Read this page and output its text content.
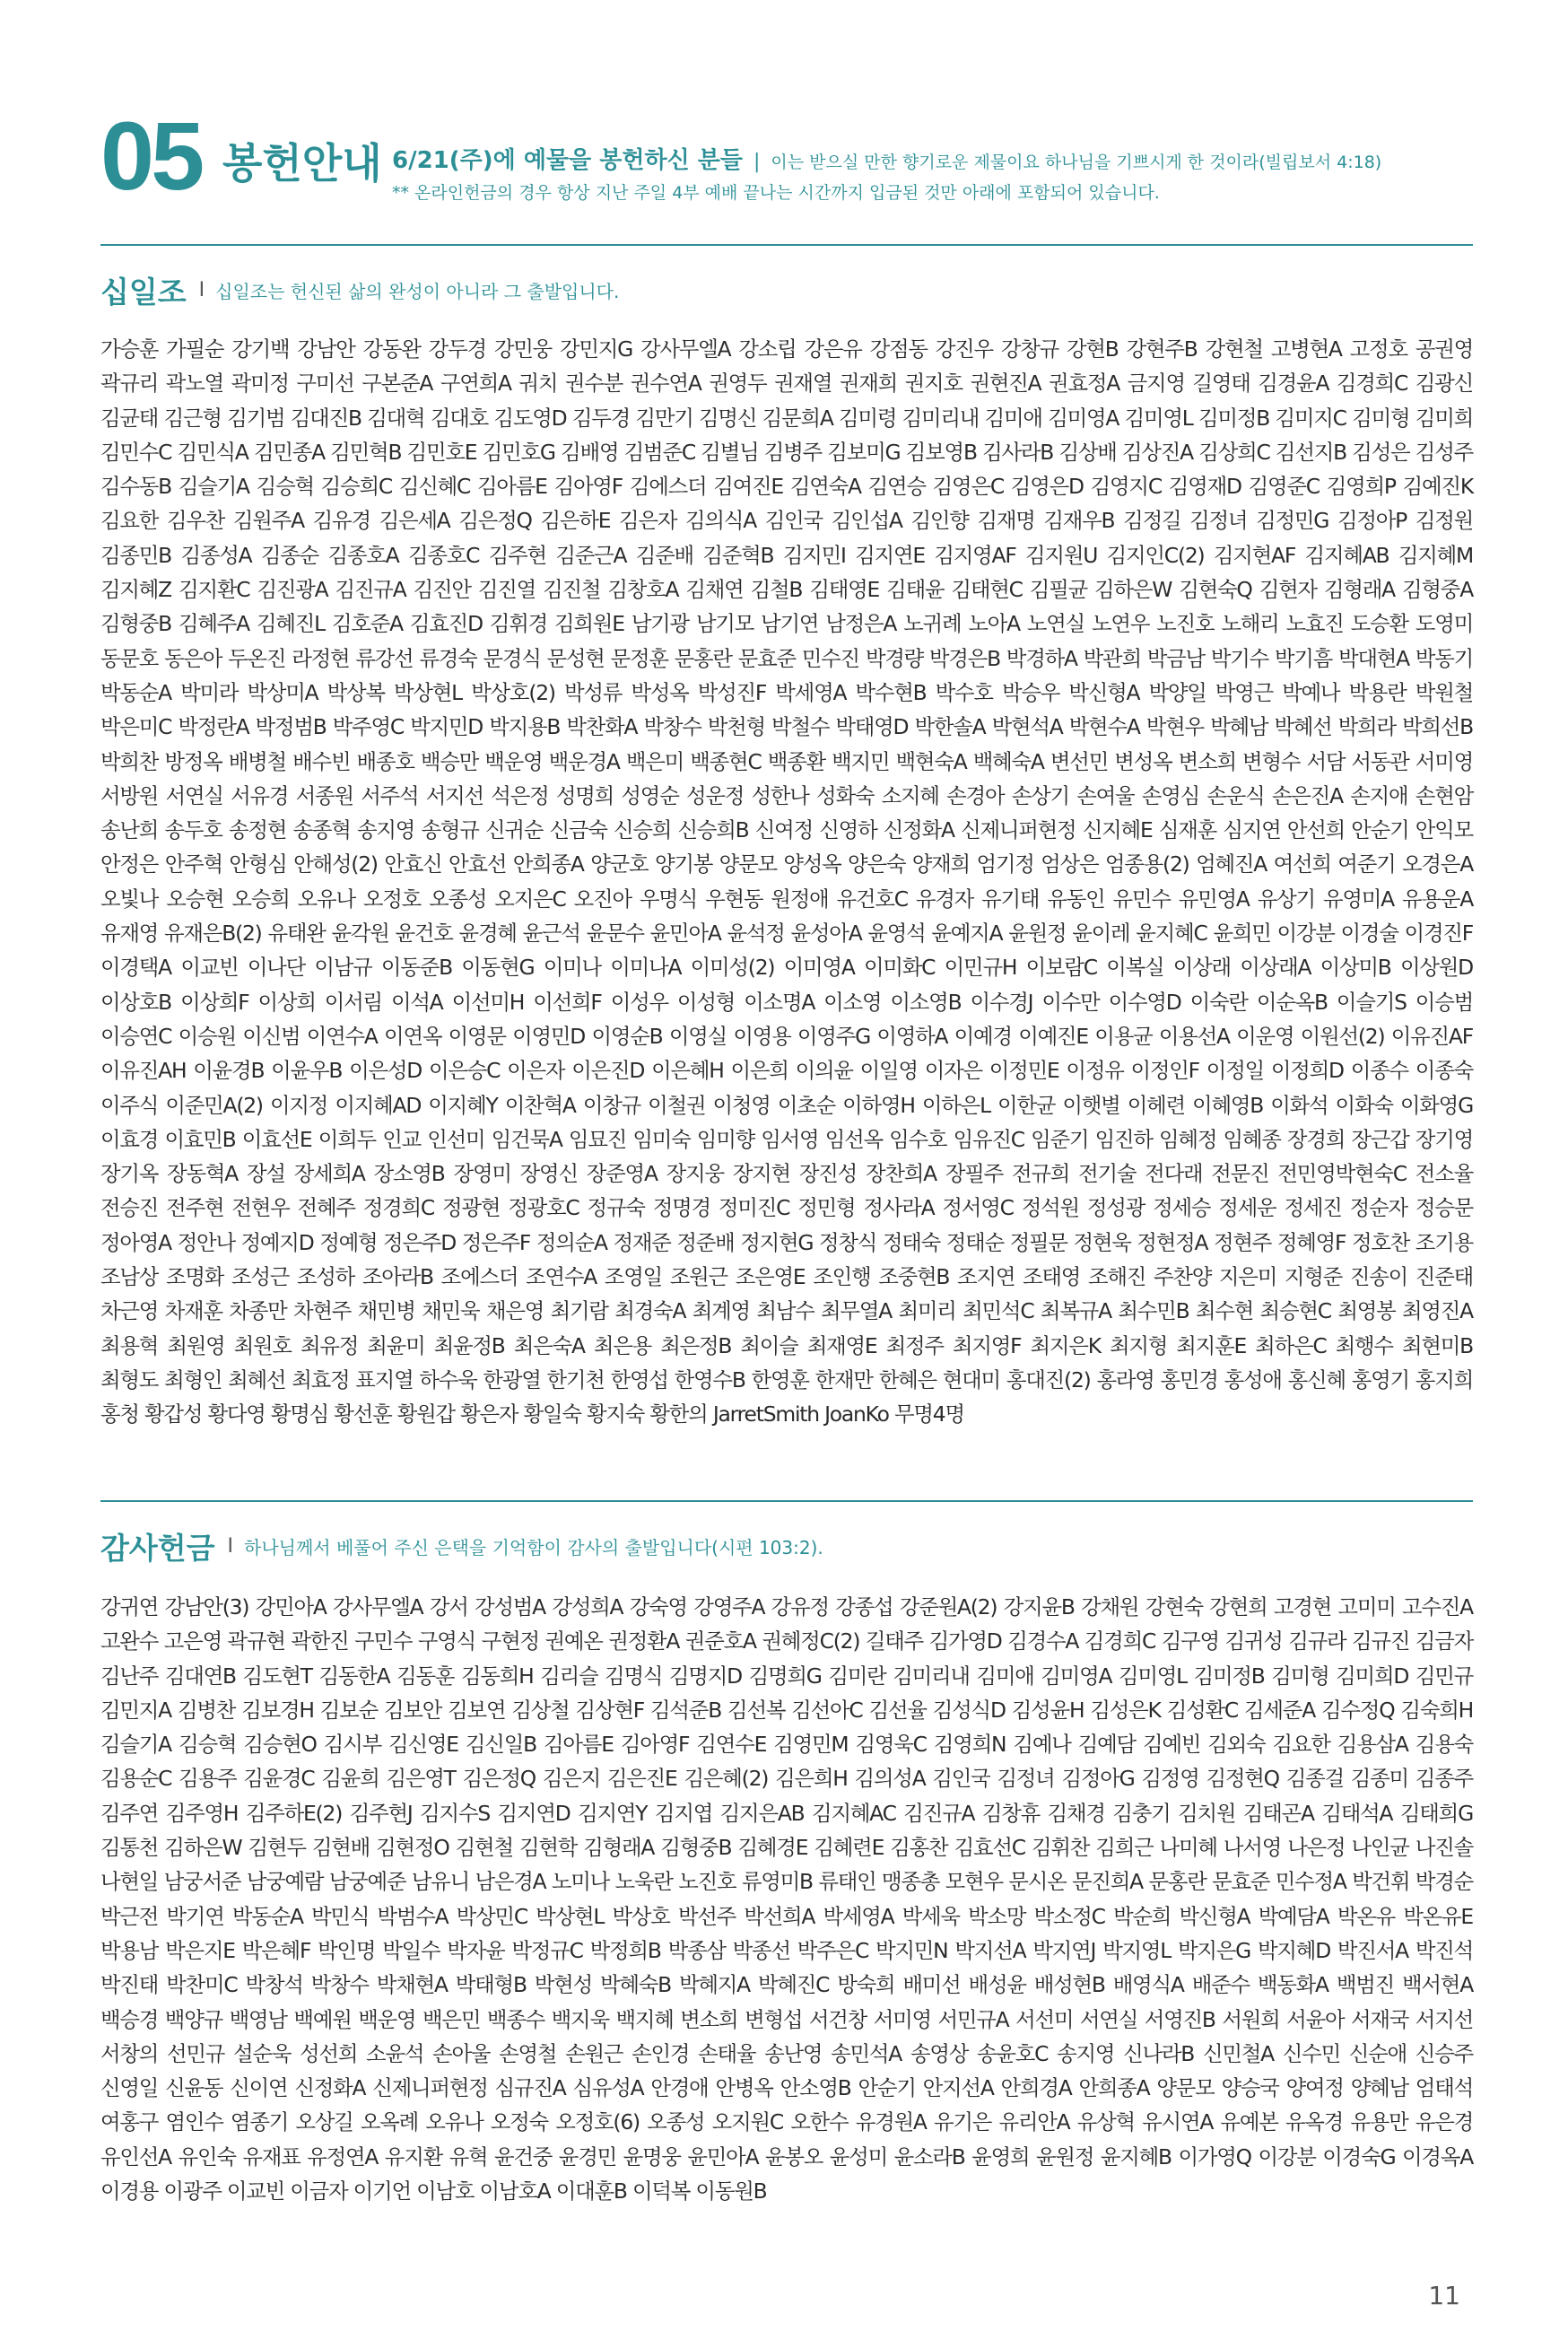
05 봉헌안내 6/21(주)에 예물을 봉헌하신 분들 | 이는 받으실 만한 향기로운 제물이요 하나님을 기쁘시게 한 것이라(빌립보서 4:18)
** 온라인헌금의 경우 항상 지난 주일 4부 예배 끝나는 시간까지 입금된 것만 아래에 포함되어 있습니다.
십일조 I 십일조는 헌신된 삶의 완성이 아니라 그 출발입니다.

가승훈 가필순 강기백 강남안 강동완 강두경 강민웅 강민지G 강사무엘A 강소립 강은유 강점동 강진우 강창규 강현B 강현주B 강현철 고병현A 고정호 공권영 곽규리 곽노열 곽미정 구미선 구본준A 구연희A 궈치 권수분 권수연A 권영두 권재열 권재희 권지호 권현진A 권효정A 금지영 길영태 김경윤A 김경희C 김광신 김균태 김근형 김기범 김대진B 김대혁 김대호 김도영D 김두경 김만기 김명신 김문희A 김미령 김미리내 김미애 김미영A 김미영L 김미정B 김미지C 김미형 김미희 김민수C 김민식A 김민종A 김민혁B 김민호E 김민호G 김배영 김범준C 김별님 김병주 김보미G 김보영B 김사라B 김상배 김상진A 김상희C 김선지B 김성은 김성주 김수동B 김슬기A 김승혁 김승희C 김신혜C 김아름E 김아영F 김에스더 김여진E 김연숙A 김연승 김영은C 김영은D 김영지C 김영재D 김영준C 김영희P 김예진K 김요한 김우찬 김원주A 김유경 김은세A 김은정Q 김은하E 김은자 김의식A 김인국 김인섭A 김인향 김재명 김재우B 김정길 김정녀 김정민G 김정아P 김정원 김종민B 김종성A 김종순 김종호A 김종호C 김주현 김준근A 김준배 김준혁B 김지민I 김지연E 김지영AF 김지원U 김지인C(2) 김지현AF 김지혜AB 김지혜M 김지혜Z 김지환C 김진광A 김진규A 김진안 김진열 김진철 김창호A 김채연 김철B 김태영E 김태윤 김태현C 김필균 김하은W 김현숙Q 김현자 김형래A 김형중A 김형중B 김혜주A 김혜진L 김호준A 김효진D 김휘경 김희원E 남기광 남기모 남기연 남정은A 노귀례 노아A 노연실 노연우 노진호 노해리 노효진 도승환 도영미 동문호 동은아 두온진 라정현 류강선 류경숙 문경식 문성현 문정훈 문홍란 문효준 민수진 박경량 박경은B 박경하A 박관희 박금남 박기수 박기흠 박대현A 박동기 박동순A 박미라 박상미A 박상복 박상현L 박상호(2) 박성류 박성옥 박성진F 박세영A 박수현B 박수호 박승우 박신형A 박양일 박영근 박예나 박용란 박원철 박은미C 박정란A 박정범B 박주영C 박지민D 박지용B 박찬화A 박창수 박천형 박철수 박태영D 박한솔A 박현석A 박현수A 박현우 박혜남 박혜선 박희라 박희선B 박희찬 방정옥 배병철 배수빈 배종호 백승만 백운영 백운경A 백은미 백종현C 백종환 백지민 백현숙A 백혜숙A 변선민 변성옥 변소희 변형수 서담 서동관 서미영 서방원 서연실 서유경 서종원 서주석 서지선 석은정 성명희 성영순 성운정 성한나 성화숙 소지혜 손경아 손상기 손여울 손영심 손운식 손은진A 손지애 손현암 송난희 송두호 송정현 송종혁 송지영 송형규 신귀순 신금숙 신승희 신승희B 신여정 신영하 신정화A 신제니퍼현정 신지혜E 심재훈 심지연 안선희 안순기 안익모 안정은 안주혁 안형심 안해성(2) 안효신 안효선 안희종A 양군호 양기봉 양문모 양성옥 양은숙 양재희 엄기정 엄상은 엄종용(2) 엄혜진A 여선희 여준기 오경은A 오빛나 오승현 오승희 오유나 오정호 오종성 오지은C 오진아 우명식 우현동 원정애 유건호C 유경자 유기태 유동인 유민수 유민영A 유상기 유영미A 유용운A 유재영 유재은B(2) 유태완 윤각원 윤건호 윤경혜 윤근석 윤문수 윤민아A 윤석정 윤성아A 윤영석 윤예지A 윤원정 윤이레 윤지혜C 윤희민 이강분 이경술 이경진F 이경택A 이교빈 이나단 이남규 이동준B 이동현G 이미나 이미나A 이미성(2) 이미영A 이미화C 이민규H 이보람C 이복실 이상래 이상래A 이상미B 이상원D 이상호B 이상희F 이상희 이서림 이석A 이선미H 이선희F 이성우 이성형 이소명A 이소영 이소영B 이수경J 이수만 이수영D 이숙란 이순옥B 이슬기S 이승범 이승연C 이승원 이신범 이연수A 이연옥 이영문 이영민D 이영순B 이영실 이영용 이영주G 이영하A 이예경 이예진E 이용균 이용선A 이운영 이원선(2) 이유진AF 이유진AH 이윤경B 이윤우B 이은성D 이은승C 이은자 이은진D 이은혜H 이은희 이의윤 이일영 이자은 이정민E 이정유 이정인F 이정일 이정희D 이종수 이종숙 이주식 이준민A(2) 이지정 이지혜AD 이지혜Y 이찬혁A 이창규 이철권 이청영 이초순 이하영H 이하은L 이한균 이햇별 이헤련 이혜영B 이화석 이화숙 이화영G 이효경 이효민B 이효선E 이희두 인교 인선미 임건묵A 임묘진 임미숙 임미향 임서영 임선옥 임수호 임유진C 임준기 임진하 임혜정 임혜종 장경희 장근갑 장기영 장기옥 장동혁A 장설 장세희A 장소영B 장영미 장영신 장준영A 장지웅 장지현 장진성 장찬희A 장필주 전규희 전기술 전다래 전문진 전민영박현숙C 전소율 전승진 전주현 전현우 전혜주 정경희C 정광현 정광호C 정규숙 정명경 정미진C 정민형 정사라A 정서영C 정석원 정성광 정세승 정세운 정세진 정순자 정승문 정아영A 정안나 정예지D 정예형 정은주D 정은주F 정의순A 정재준 정준배 정지현G 정창식 정태숙 정태순 정필문 정현욱 정현정A 정현주 정혜영F 정호찬 조기용 조남상 조명화 조성근 조성하 조아라B 조에스더 조연수A 조영일 조원근 조은영E 조인행 조중현B 조지연 조태영 조해진 주찬양 지은미 지형준 진송이 진준태 차근영 차재훈 차종만 차현주 채민병 채민욱 채은영 최기람 최경숙A 최계영 최남수 최무열A 최미리 최민석C 최복규A 최수민B 최수현 최승현C 최영봉 최영진A 최용혁 최원영 최원호 최유정 최윤미 최윤정B 최은숙A 최은용 최은정B 최이슬 최재영E 최정주 최지영F 최지은K 최지형 최지훈E 최하은C 최행수 최현미B 최형도 최형인 최혜선 최효정 표지열 하수욱 한광열 한기천 한영섭 한영수B 한영훈 한재만 한혜은 현대미 홍대진(2) 홍라영 홍민경 홍성애 홍신혜 홍영기 홍지희 홍청 황갑성 황다영 황명심 황선훈 황원갑 황은자 황일숙 황지숙 황한의 JarretSmith JoanKo 무명4명

감사헌금 I 하나님께서 베풀어 주신 은택을 기억함이 감사의 출발입니다(시편 103:2).

강귀연 강남안(3) 강민아A 강사무엘A 강서 강성범A 강성희A 강숙영 강영주A 강유정 강종섭 강준원A(2) 강지윤B 강채원 강현숙 강현희 고경현 고미미 고수진A 고완수 고은영 곽규현 곽한진 구민수 구영식 구현정 권예온 권정환A 권준호A 권혜정C(2) 길태주 김가영D 김경수A 김경희C 김구영 김귀성 김규라 김규진 김금자 김난주 김대연B 김도현T 김동한A 김동훈 김동희H 김리슬 김명식 김명지D 김명희G 김미란 김미리내 김미애 김미영A 김미영L 김미정B 김미형 김미희D 김민규 김민지A 김병찬 김보경H 김보순 김보안 김보연 김상철 김상현F 김석준B 김선복 김선아C 김선율 김성식D 김성윤H 김성은K 김성환C 김세준A 김수정Q 김숙희H 김슬기A 김승혁 김승현O 김시부 김신영E 김신일B 김아름E 김아영F 김연수E 김영민M 김영욱C 김영희N 김예나 김예담 김예빈 김외숙 김요한 김용삼A 김용숙 김용순C 김용주 김윤경C 김윤희 김은영T 김은정Q 김은지 김은진E 김은혜(2) 김은희H 김의성A 김인국 김정녀 김정아G 김정영 김정현Q 김종걸 김종미 김종주 김주연 김주영H 김주하E(2) 김주현J 김지수S 김지연D 김지연Y 김지엽 김지은AB 김지혜AC 김진규A 김창휴 김채경 김충기 김치원 김태곤A 김태석A 김태희G 김통천 김하은W 김현두 김현배 김현정O 김현철 김현학 김형래A 김형중B 김혜경E 김혜련E 김홍찬 김효선C 김휘찬 김희근 나미혜 나서영 나은정 나인균 나진솔 나현일 남궁서준 남궁예람 남궁예준 남유니 남은경A 노미나 노욱란 노진호 류영미B 류태인 맹종총 모현우 문시온 문진희A 문홍란 문효준 민수정A 박건휘 박경순 박근전 박기연 박동순A 박민식 박범수A 박상민C 박상현L 박상호 박선주 박선희A 박세영A 박세욱 박소망 박소정C 박순희 박신형A 박예담A 박온유 박온유E 박용남 박은지E 박은혜F 박인명 박일수 박자윤 박정규C 박정희B 박종삼 박종선 박주은C 박지민N 박지선A 박지연J 박지영L 박지은G 박지혜D 박진서A 박진석 박진태 박찬미C 박창석 박창수 박채현A 박태형B 박현성 박혜숙B 박혜지A 박혜진C 방숙희 배미선 배성윤 배성현B 배영식A 배준수 백동화A 백범진 백서현A 백승경 백양규 백영남 백예원 백운영 백은민 백종수 백지욱 백지혜 변소희 변형섭 서건창 서미영 서민규A 서선미 서연실 서영진B 서원희 서윤아 서재국 서지선 서창의 선민규 설순욱 성선희 소윤석 손아울 손영철 손원근 손인경 손태율 송난영 송민석A 송영상 송윤호C 송지영 신나라B 신민철A 신수민 신순애 신승주 신영일 신윤동 신이연 신정화A 신제니퍼현정 심규진A 심유성A 안경애 안병옥 안소영B 안순기 안지선A 안희경A 안희종A 양문모 양승국 양여정 양혜남 엄태석 여홍구 염인수 염종기 오상길 오옥례 오유나 오정숙 오정호(6) 오종성 오지원C 오한수 유경원A 유기은 유리안A 유상혁 유시연A 유예본 유옥경 유용만 유은경 유인선A 유인숙 유재표 유정연A 유지환 유혁 윤건중 윤경민 윤명웅 윤민아A 윤봉오 윤성미 윤소라B 윤영희 윤원정 윤지혜B 이가영Q 이강분 이경숙G 이경옥A 이경용 이광주 이교빈 이금자 이기언 이남호 이남호A 이대훈B 이덕복 이동원B

11
